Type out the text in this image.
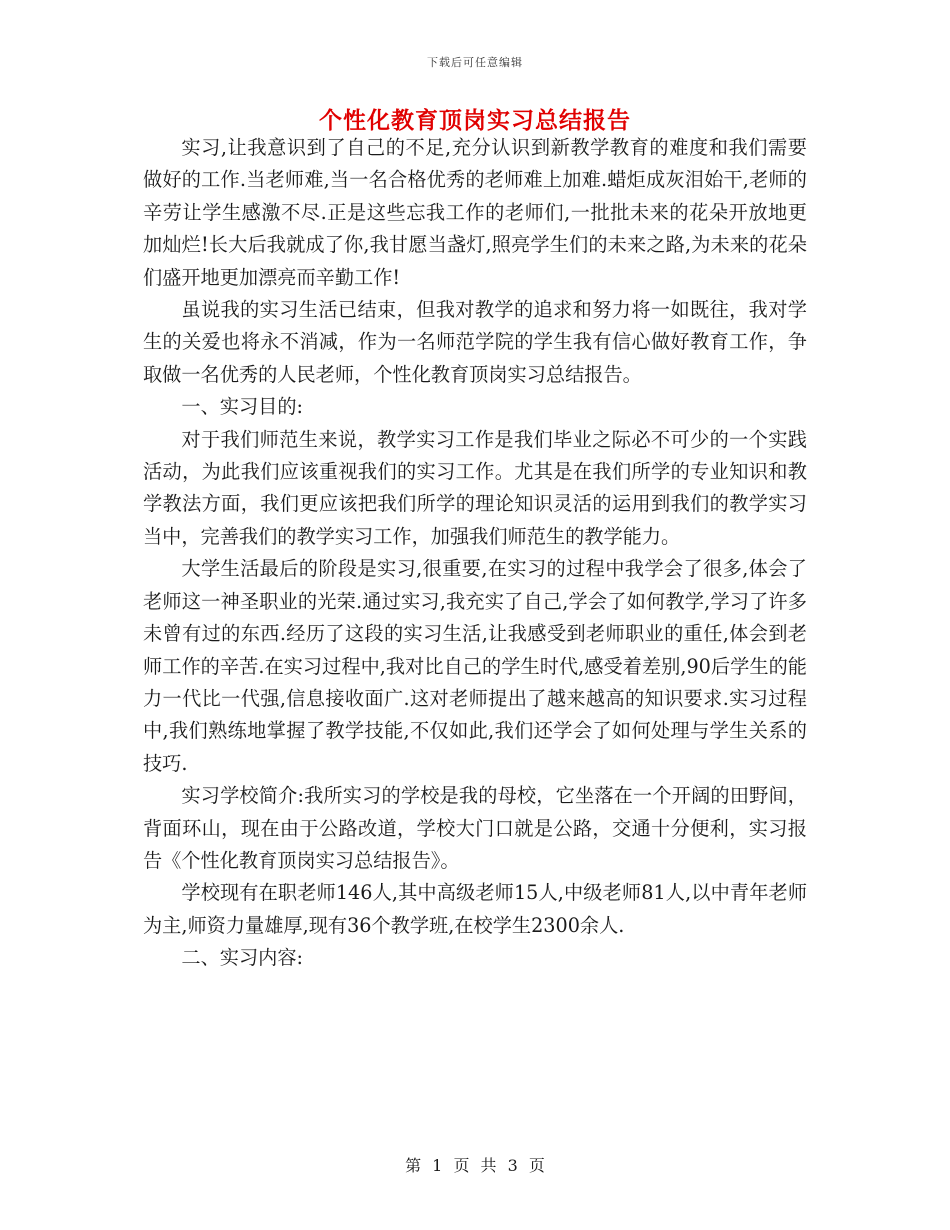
下载后可任意编辑
个性化教育顶岗实习总结报告

实习,让我意识到了自己的不足,充分认识到新教学教育的难度和我们需要做好的工作.当老师难,当一名合格优秀的老师难上加难.蜡炬成灰泪始干,老师的辛劳让学生感激不尽.正是这些忘我工作的老师们,一批批未来的花朵开放地更加灿烂!长大后我就成了你,我甘愿当盏灯,照亮学生们的未来之路,为未来的花朵们盛开地更加漂亮而辛勤工作!

虽说我的实习生活已结束，但我对教学的追求和努力将一如既往，我对学生的关爱也将永不消减，作为一名师范学院的学生我有信心做好教育工作，争取做一名优秀的人民老师，个性化教育顶岗实习总结报告。

一、实习目的:

对于我们师范生来说，教学实习工作是我们毕业之际必不可少的一个实践活动，为此我们应该重视我们的实习工作。尤其是在我们所学的专业知识和教学教法方面，我们更应该把我们所学的理论知识灵活的运用到我们的教学实习当中，完善我们的教学实习工作，加强我们师范生的教学能力。

大学生活最后的阶段是实习,很重要,在实习的过程中我学会了很多,体会了老师这一神圣职业的光荣.通过实习,我充实了自己,学会了如何教学,学习了许多未曾有过的东西.经历了这段的实习生活,让我感受到老师职业的重任,体会到老师工作的辛苦.在实习过程中,我对比自己的学生时代,感受着差别,90后学生的能力一代比一代强,信息接收面广.这对老师提出了越来越高的知识要求.实习过程中,我们熟练地掌握了教学技能,不仅如此,我们还学会了如何处理与学生关系的技巧.

实习学校简介:我所实习的学校是我的母校，它坐落在一个开阔的田野间，背面环山，现在由于公路改道，学校大门口就是公路，交通十分便利，实习报告《个性化教育顶岗实习总结报告》。

学校现有在职老师146人,其中高级老师15人,中级老师81人,以中青年老师为主,师资力量雄厚,现有36个教学班,在校学生2300余人.

二、实习内容:

第 1 页 共 3 页
